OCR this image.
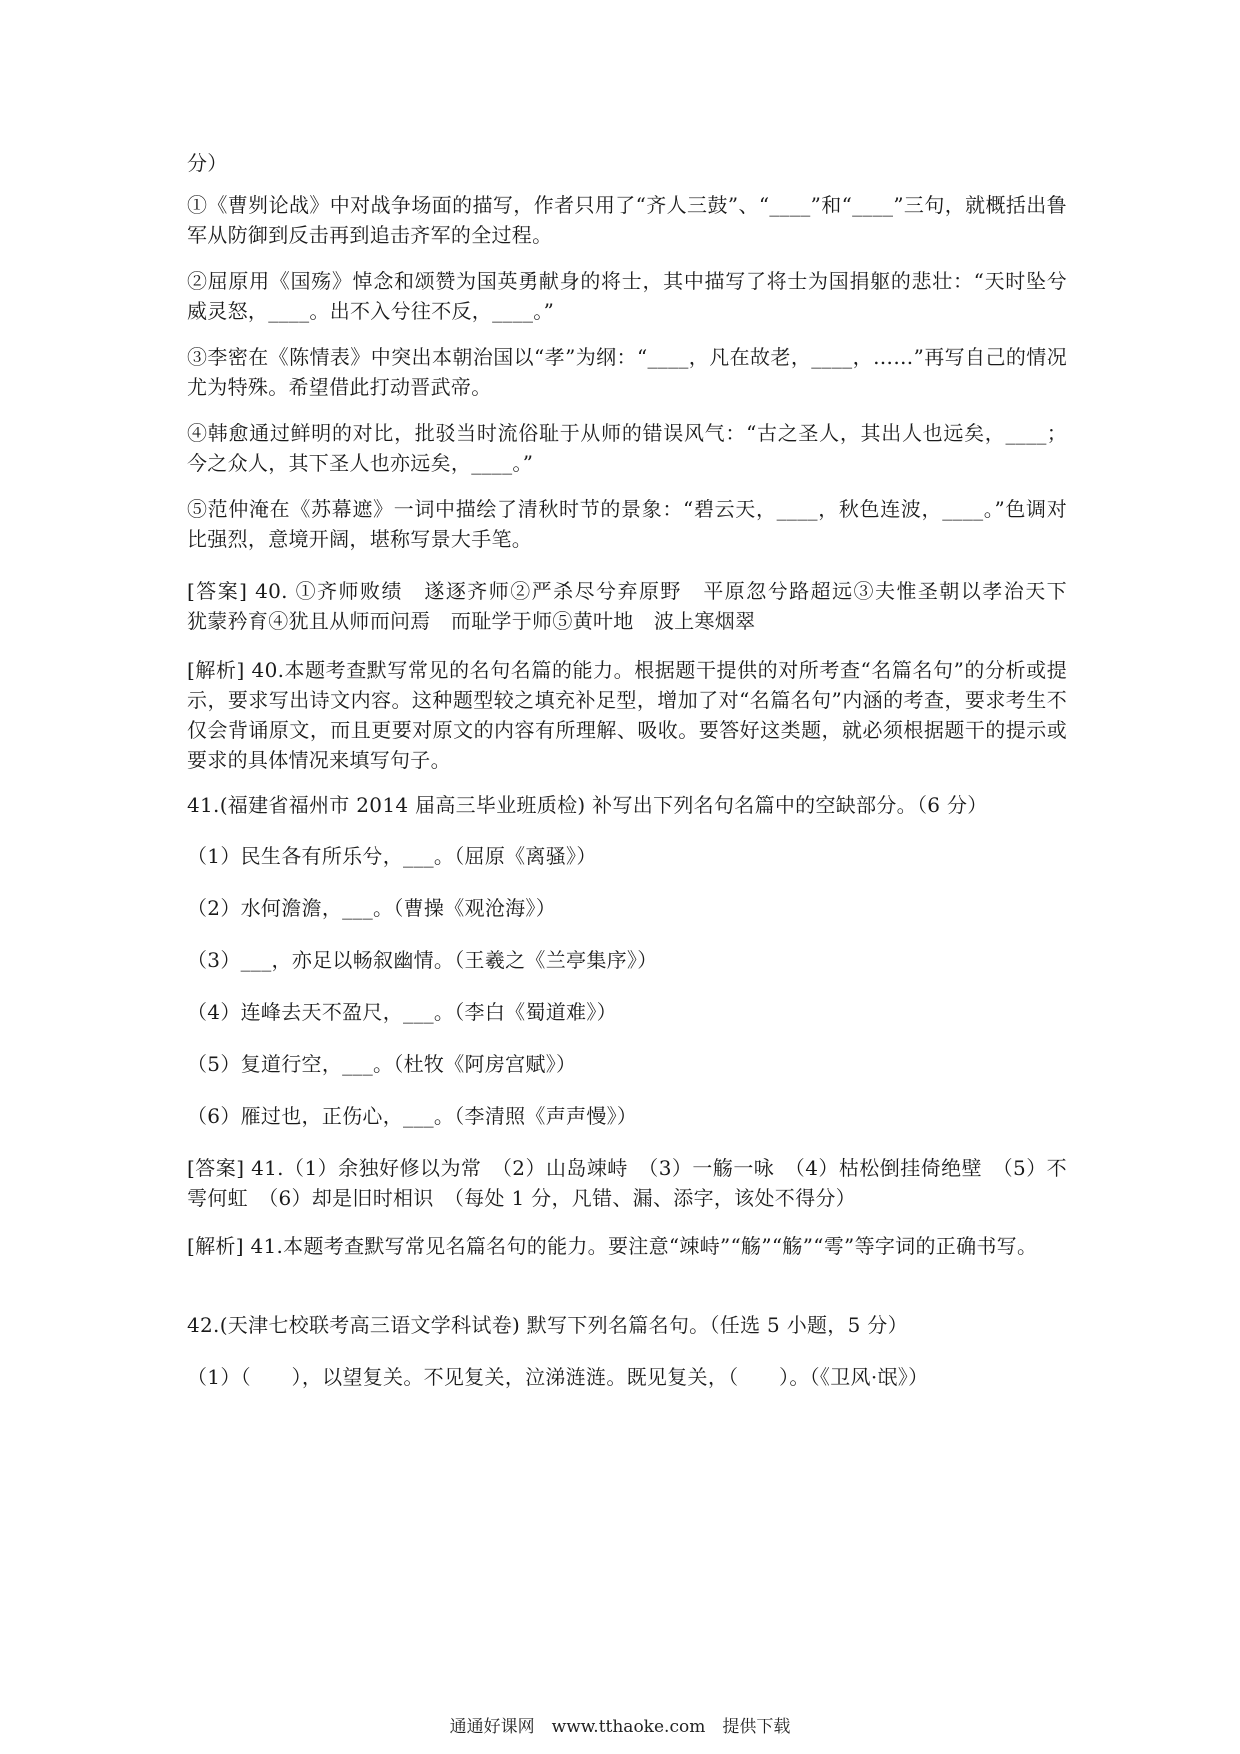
分）

①《曹刿论战》中对战争场面的描写，作者只用了“齐人三鼓”、“____”和“____”三句，就概括出鲁军从防御到反击再到追击齐军的全过程。

②屈原用《国殇》悼念和颂赞为国英勇献身的将士，其中描写了将士为国捐躯的悲壮：“天时坠兮威灵怒，____。出不入兮往不反，____。”

③李密在《陈情表》中突出本朝治国以“孝”为纲：“____，凡在故老，____，……”再写自己的情况尤为特殊。希望借此打动晋武帝。

④韩愈通过鲜明的对比，批驳当时流俗耻于从师的错误风气：“古之圣人，其出人也远矣，____；今之众人，其下圣人也亦远矣，____。”

⑤范仲淹在《苏幕遮》一词中描绘了清秋时节的景象：“碧云天，____，秋色连波，____。”色调对比强烈，意境开阔，堪称写景大手笔。

[答案] 40. ①齐师败绩　遂逐齐师②严杀尽兮弃原野　平原忽兮路超远③夫惟圣朝以孝治天下　　犹蒙矜育④犹且从师而问焉　而耻学于师⑤黄叶地　波上寒烟翠

[解析] 40.本题考查默写常见的名句名篇的能力。根据题干提供的对所考查“名篇名句”的分析或提示，要求写出诗文内容。这种题型较之填充补足型，增加了对“名篇名句”内涵的考查，要求考生不仅会背诵原文，而且更要对原文的内容有所理解、吸收。要答好这类题，就必须根据题干的提示或要求的具体情况来填写句子。

41.(福建省福州市 2014 届高三毕业班质检) 补写出下列名句名篇中的空缺部分。（6 分）

（1）民生各有所乐兮，___。（屈原《离骚》）

（2）水何澹澹，___。（曹操《观沧海》）

（3）___，亦足以畅叙幽情。（王羲之《兰亭集序》）

（4）连峰去天不盈尺，___。（李白《蜀道难》）

（5）复道行空，___。（杜牧《阿房宫赋》）

（6）雁过也，正伤心，___。（李清照《声声慢》）

[答案] 41.（1）余独好修以为常　（2）山岛竦峙　（3）一觞一咏　（4）枯松倒挂倚绝壁　（5）不雩何虹　（6）却是旧时相识　（每处 1 分，凡错、漏、添字，该处不得分）

[解析] 41.本题考查默写常见名篇名句的能力。要注意“竦峙”“觞”“觞”“雩”等字词的正确书写。

42.(天津七校联考高三语文学科试卷) 默写下列名篇名句。（任选 5 小题，5 分）

（1）（　　），以望复关。不见复关，泣涕涟涟。既见复关，（　　）。（《卫风·氓》）

通通好课网　www.tthaoke.com　提供下载
